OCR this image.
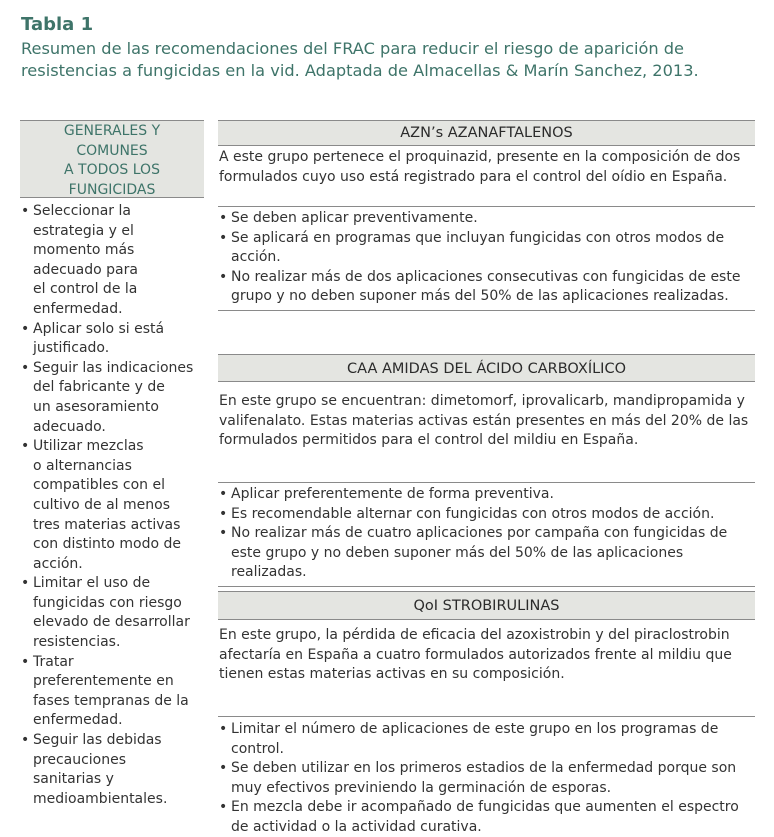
Tabla 1
Resumen de las recomendaciones del FRAC para reducir el riesgo de aparición de resistencias a fungicidas en la vid. Adaptada de Almacellas & Marín Sanchez, 2013.
GENERALES Y
COMUNES
A TODOS LOS
FUNGICIDAS
• Seleccionar la
estrategia y el
momento más
adecuado para
el control de la
enfermedad.
• Aplicar solo si está
justificado.
• Seguir las indicaciones
del fabricante y de
un asesoramiento
adecuado.
• Utilizar mezclas
o alternancias
compatibles con el
cultivo de al menos
tres materias activas
con distinto modo de
acción.
• Limitar el uso de
fungicidas con riesgo
elevado de desarrollar
resistencias.
• Tratar
preferentemente en
fases tempranas de la
enfermedad.
• Seguir las debidas
precauciones
sanitarias y
medioambientales.
AZN’s AZANAFTALENOS
A este grupo pertenece el proquinazid, presente en la composición de dos formulados cuyo uso está registrado para el control del oídio en España.
• Se deben aplicar preventivamente.
• Se aplicará en programas que incluyan fungicidas con otros modos de acción.
• No realizar más de dos aplicaciones consecutivas con fungicidas de este grupo y no deben suponer más del 50% de las aplicaciones realizadas.
CAA AMIDAS DEL ÁCIDO CARBOXÍLICO
En este grupo se encuentran: dimetomorf, iprovalicarb, mandipropamida y valifenalato. Estas materias activas están presentes en más del 20% de las formulados permitidos para el control del mildiu en España.
• Aplicar preferentemente de forma preventiva.
• Es recomendable alternar con fungicidas con otros modos de acción.
• No realizar más de cuatro aplicaciones por campaña con fungicidas de este grupo y no deben suponer más del 50% de las aplicaciones realizadas.
QoI STROBIRULINAS
En este grupo, la pérdida de eficacia del azoxistrobin y del piraclostrobin afectaría en España a cuatro formulados autorizados frente al mildiu que tienen estas materias activas en su composición.
• Limitar el número de aplicaciones de este grupo en los programas de control.
• Se deben utilizar en los primeros estadios de la enfermedad porque son muy efectivos previniendo la germinación de esporas.
• En mezcla debe ir acompañado de fungicidas que aumenten el espectro de actividad o la actividad curativa.
